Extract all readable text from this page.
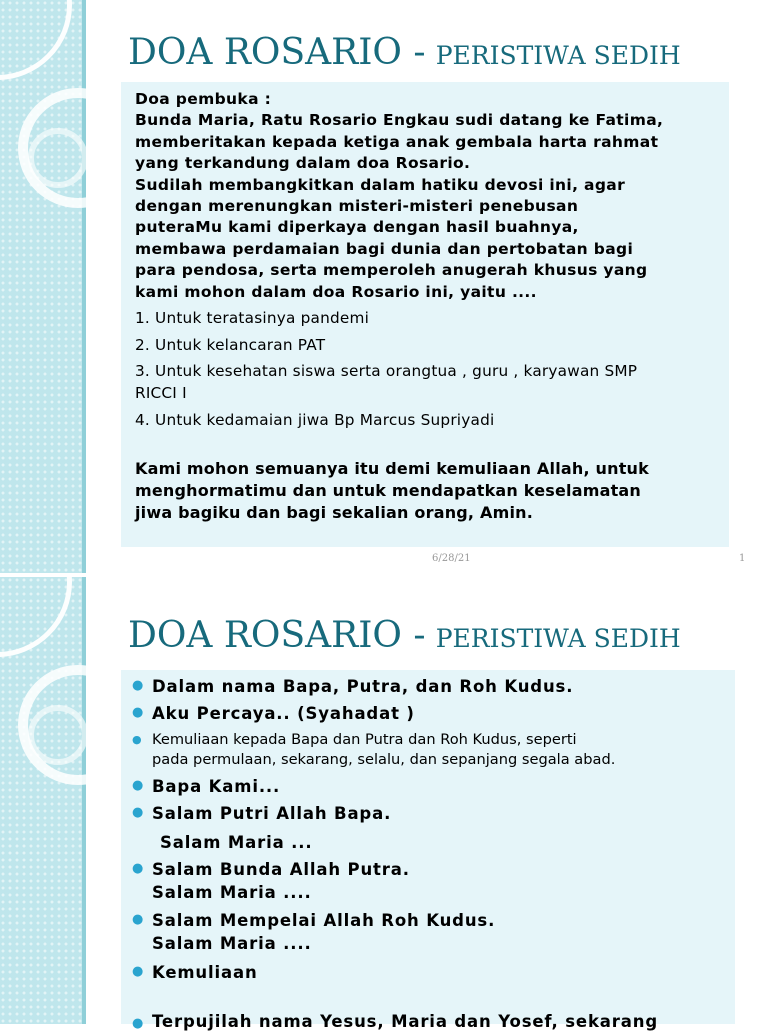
DOA ROSARIO - PERISTIWA SEDIH

Doa pembuka :
Bunda Maria, Ratu Rosario Engkau sudi datang ke Fatima,
memberitakan kepada ketiga anak gembala harta rahmat
yang terkandung dalam doa Rosario.
Sudilah membangkitkan dalam hatiku devosi ini, agar
dengan merenungkan misteri-misteri penebusan
puteraMu kami diperkaya dengan hasil buahnya,
membawa perdamaian bagi dunia dan pertobatan bagi
para pendosa, serta memperoleh anugerah khusus yang
kami mohon dalam doa Rosario ini, yaitu ....

1. Untuk teratasinya pandemi

2. Untuk kelancaran PAT

3. Untuk kesehatan siswa serta orangtua , guru , karyawan SMP
RICCI I

4. Untuk kedamaian jiwa Bp Marcus Supriyadi

Kami mohon semuanya itu demi kemuliaan Allah, untuk
menghormatimu dan untuk mendapatkan keselamatan
jiwa bagiku dan bagi sekalian orang, Amin.

6/28/21	1
DOA ROSARIO - PERISTIWA SEDIH
● Dalam nama Bapa, Putra, dan Roh Kudus.

● Aku Percaya.. (Syahadat )

● Kemuliaan kepada Bapa dan Putra dan Roh Kudus, seperti
pada permulaan, sekarang, selalu, dan sepanjang segala abad.

● Bapa Kami...

● Salam Putri Allah Bapa.
Salam Maria ...

● Salam Bunda Allah Putra.
Salam Maria ....

● Salam Mempelai Allah Roh Kudus.
Salam Maria ....

● Kemuliaan

● Terpujilah nama Yesus, Maria dan Yosef, sekarang
